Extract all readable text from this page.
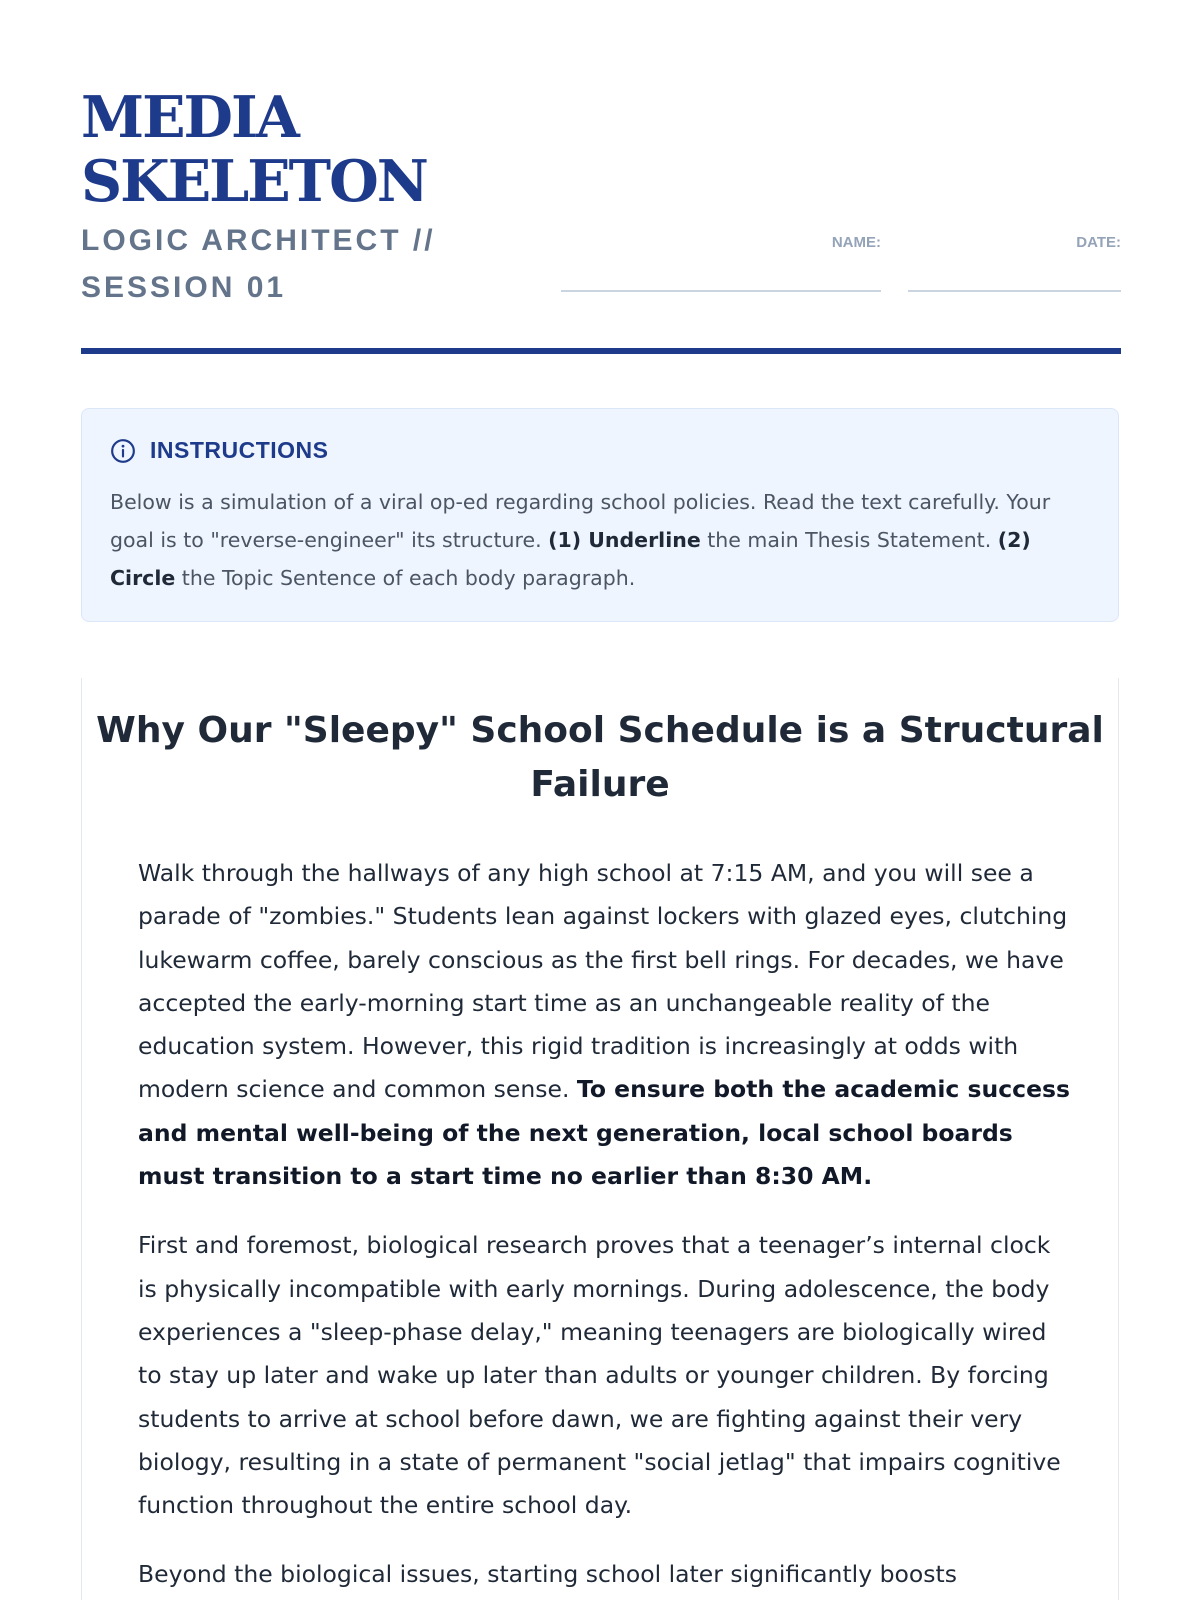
MEDIA
SKELETON
LOGIC ARCHITECT // SESSION 01
NAME:	DATE:
INSTRUCTIONS
Below is a simulation of a viral op-ed regarding school policies. Read the text carefully. Your goal is to "reverse-engineer" its structure. (1) Underline the main Thesis Statement. (2) Circle the Topic Sentence of each body paragraph.
Why Our "Sleepy" School Schedule is a Structural Failure

Walk through the hallways of any high school at 7:15 AM, and you will see a parade of "zombies." Students lean against lockers with glazed eyes, clutching lukewarm coffee, barely conscious as the first bell rings. For decades, we have accepted the early-morning start time as an unchangeable reality of the education system. However, this rigid tradition is increasingly at odds with modern science and common sense. To ensure both the academic success and mental well-being of the next generation, local school boards must transition to a start time no earlier than 8:30 AM.

First and foremost, biological research proves that a teenager’s internal clock is physically incompatible with early mornings. During adolescence, the body experiences a "sleep-phase delay," meaning teenagers are biologically wired to stay up later and wake up later than adults or younger children. By forcing students to arrive at school before dawn, we are fighting against their very biology, resulting in a state of permanent "social jetlag" that impairs cognitive function throughout the entire school day.

Beyond the biological issues, starting school later significantly boosts
